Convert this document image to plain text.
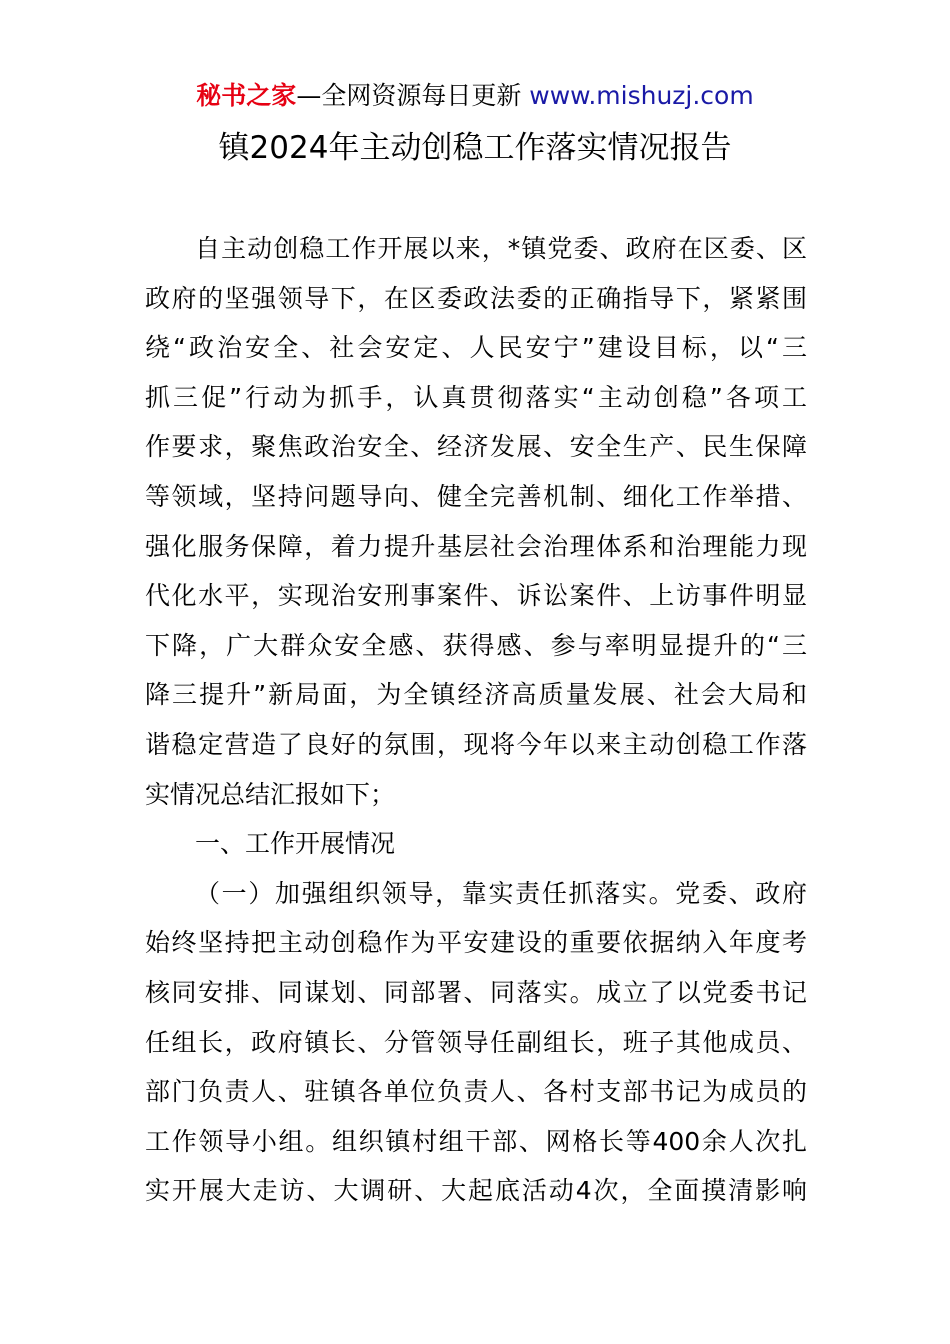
秘书之家—全网资源每日更新 www.mishuzj.com
镇2024年主动创稳工作落实情况报告
自主动创稳工作开展以来，*镇党委、政府在区委、区
政府的坚强领导下，在区委政法委的正确指导下，紧紧围
绕“政治安全、社会安定、人民安宁”建设目标，以“三
抓三促”行动为抓手，认真贯彻落实“主动创稳”各项工
作要求，聚焦政治安全、经济发展、安全生产、民生保障
等领域，坚持问题导向、健全完善机制、细化工作举措、
强化服务保障，着力提升基层社会治理体系和治理能力现
代化水平，实现治安刑事案件、诉讼案件、上访事件明显
下降，广大群众安全感、获得感、参与率明显提升的“三
降三提升”新局面，为全镇经济高质量发展、社会大局和
谐稳定营造了良好的氛围，现将今年以来主动创稳工作落
实情况总结汇报如下；
一、工作开展情况
（一）加强组织领导，靠实责任抓落实。党委、政府
始终坚持把主动创稳作为平安建设的重要依据纳入年度考
核同安排、同谋划、同部署、同落实。成立了以党委书记
任组长，政府镇长、分管领导任副组长，班子其他成员、
部门负责人、驻镇各单位负责人、各村支部书记为成员的
工作领导小组。组织镇村组干部、网格长等400余人次扎
实开展大走访、大调研、大起底活动4次，全面摸清影响
